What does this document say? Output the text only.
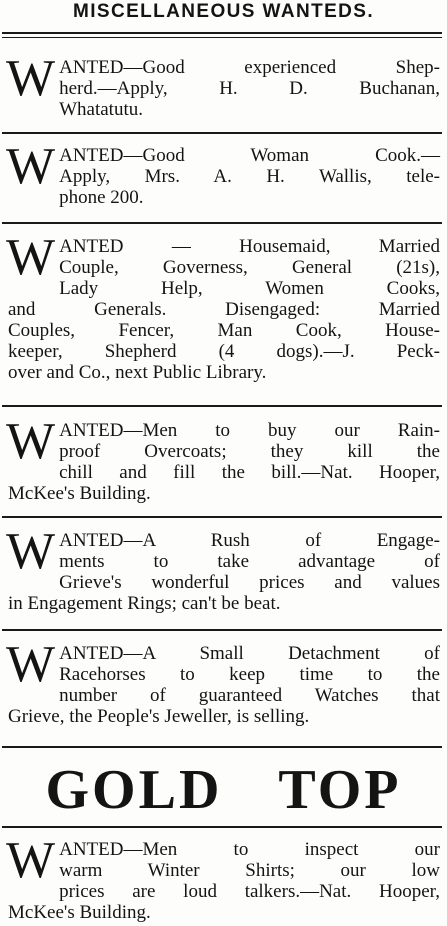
MISCELLANEOUS WANTEDS.
W ANTED—Good experienced Shep-
herd.—Apply, H. D. Buchanan,
Whatatutu.
W ANTED—Good Woman Cook.—
Apply, Mrs. A. H. Wallis, tele-
phone 200.
W ANTED — Housemaid, Married
Couple, Governess, General (21s),
Lady Help, Women Cooks,
and Generals. Disengaged: Married
Couples, Fencer, Man Cook, House-
keeper, Shepherd (4 dogs).—J. Peck-
over and Co., next Public Library.
W ANTED—Men to buy our Rain-
proof Overcoats; they kill the
chill and fill the bill.—Nat. Hooper,
McKee's Building.
W ANTED—A Rush of Engage-
ments to take advantage of
Grieve's wonderful prices and values
in Engagement Rings; can't be beat.
W ANTED—A Small Detachment of
Racehorses to keep time to the
number of guaranteed Watches that
Grieve, the People's Jeweller, is selling.
GOLD TOP
W ANTED—Men to inspect our
warm Winter Shirts; our low
prices are loud talkers.—Nat. Hooper,
McKee's Building.
